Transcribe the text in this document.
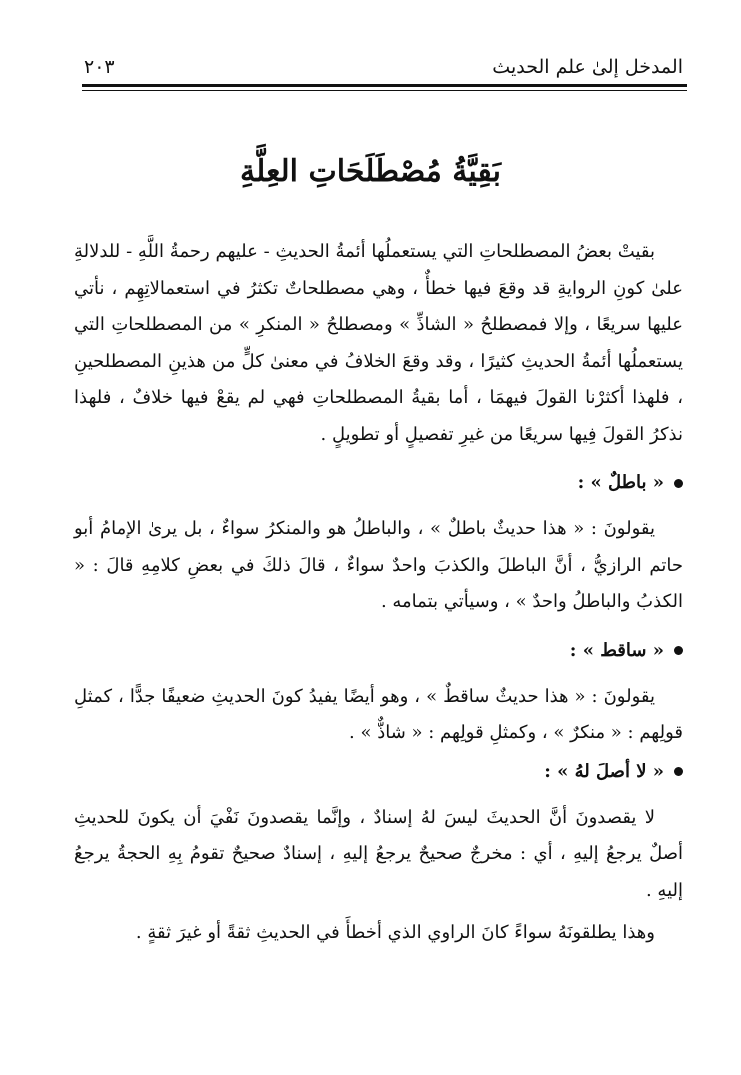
المدخل إلىٰ علم الحديث
٢٠٣
بَقِيَّةُ مُصْطَلَحَاتِ العِلَّةِ

بقيتْ بعضُ المصطلحاتِ التي يستعملُها أئمةُ الحديثِ - عليهم رحمةُ اللَّهِ - للدلالةِ علىٰ كونِ الروايةِ قد وقعَ فيها خطأٌ ، وهي مصطلحاتٌ تكثرُ في استعمالاتِهِم ، نأتي عليها سريعًا ، وإلا فمصطلحُ « الشاذِّ » ومصطلحُ « المنكرِ » من المصطلحاتِ التي يستعملُها أئمةُ الحديثِ كثيرًا ، وقد وقعَ الخلافُ في معنىٰ كلٍّ من هذينِ المصطلحينِ ، فلهذا أكثرْنا القولَ فيهمَا ، أما بقيةُ المصطلحاتِ فهي لم يقعْ فيها خلافٌ ، فلهذا نذكرُ القولَ فِيها سريعًا من غيرِ تفصيلٍ أو تطويلٍ .

« باطلٌ » :

يقولونَ : « هذا حديثٌ باطلٌ » ، والباطلُ هو والمنكرُ سواءٌ ، بل يرىٰ الإمامُ أبو حاتم الرازيُّ ، أنَّ الباطلَ والكذبَ واحدٌ سواءٌ ، قالَ ذلكَ في بعضِ كلامِهِ قالَ : « الكذبُ والباطلُ واحدٌ » ، وسيأتي بتمامه .

« ساقط » :

يقولونَ : « هذا حديثٌ ساقطٌ » ، وهو أيضًا يفيدُ كونَ الحديثِ ضعيفًا جدًّا ، كمثلِ قولِهم : « منكرٌ » ، وكمثلِ قولِهم : « شاذٌّ » .

« لا أصلَ لهُ » :

لا يقصدونَ أنَّ الحديثَ ليسَ لهُ إسنادٌ ، وإنَّما يقصدونَ نَفْيَ أن يكونَ للحديثِ أصلٌ يرجعُ إليهِ ، أي : مخرجٌ صحيحٌ يرجعُ إليهِ ، إسنادٌ صحيحٌ تقومُ بِهِ الحجةُ يرجعُ إليهِ .

وهذا يطلقونَهُ سواءً كانَ الراوي الذي أخطأَ في الحديثِ ثقةً أو غيرَ ثقةٍ .
